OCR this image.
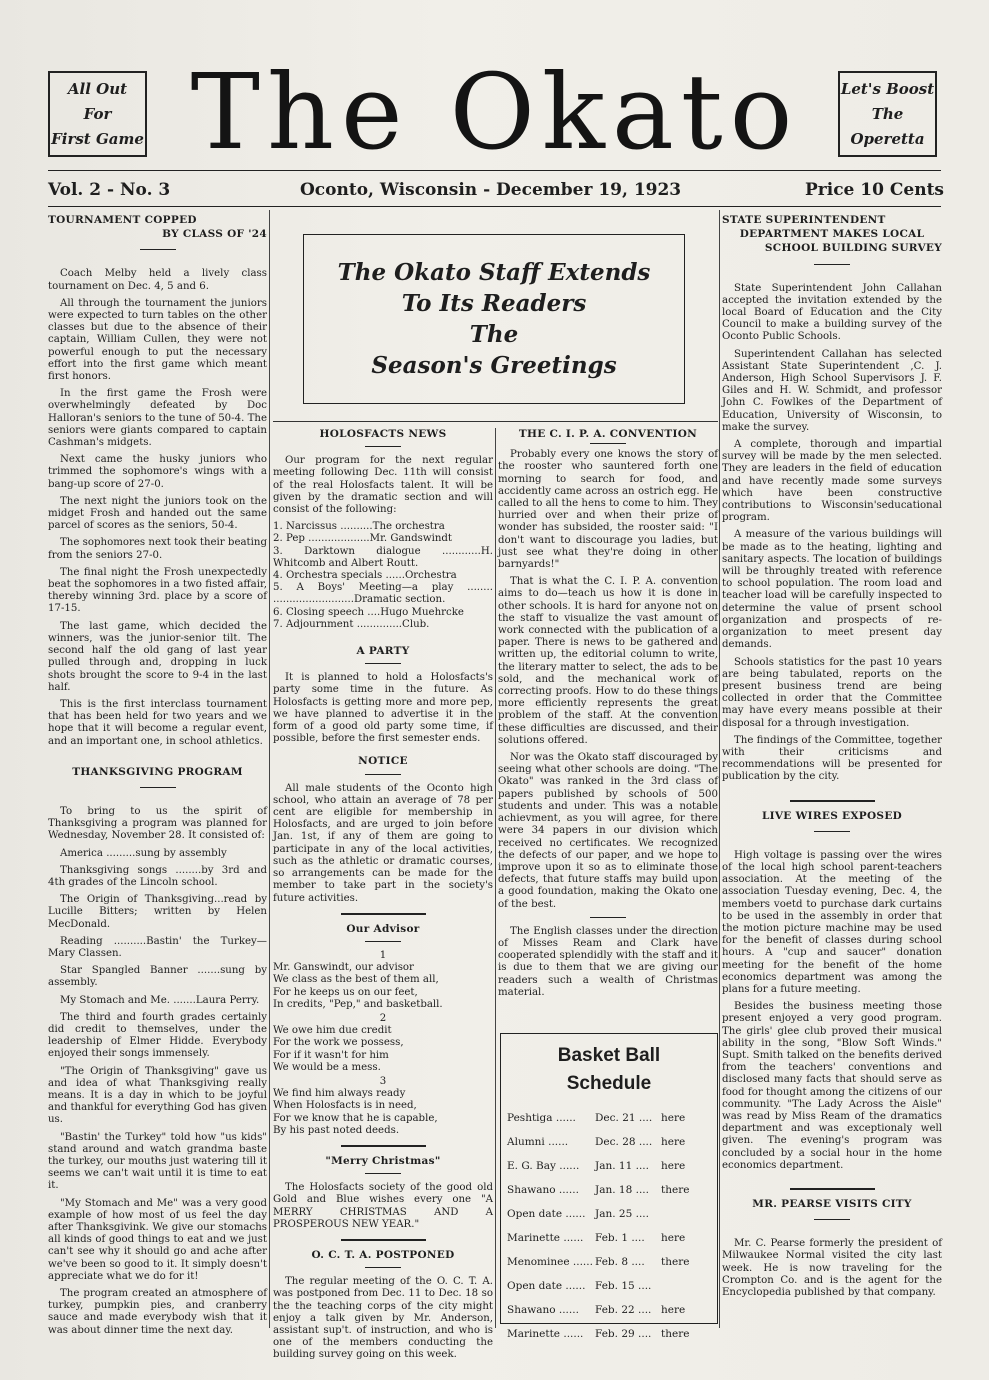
All Out
For
First Game The Okato	Let's Boost
The
Operetta
Vol. 2 - No. 3	Oconto, Wisconsin - December 19, 1923	Price 10 Cents
The Okato Staff Extends
To Its Readers
The
Season's Greetings
TOURNAMENT COPPED
BY CLASS OF '24

Coach Melby held a lively class tournament on Dec. 4, 5 and 6.

All through the tournament the juniors were expected to turn tables on the other classes but due to the absence of their captain, William Cullen, they were not powerful enough to put the necessary effort into the first game which meant first honors.

In the first game the Frosh were overwhelmingly defeated by Doc Halloran's seniors to the tune of 50-4. The seniors were giants compared to captain Cashman's midgets.

Next came the husky juniors who trimmed the sophomore's wings with a bang-up score of 27-0.

The next night the juniors took on the midget Frosh and handed out the same parcel of scores as the seniors, 50-4.

The sophomores next took their beating from the seniors 27-0.

The final night the Frosh unexpectedly beat the sophomores in a two fisted affair, thereby winning 3rd. place by a score of 17-15.

The last game, which decided the winners, was the junior-senior tilt. The second half the old gang of last year pulled through and, dropping in luck shots brought the score to 9-4 in the last half.

This is the first interclass tournament that has been held for two years and we hope that it will become a regular event, and an important one, in school athletics.

THANKSGIVING PROGRAM

To bring to us the spirit of Thanksgiving a program was planned for Wednesday, November 28. It consisted of:

America .........sung by assembly

Thanksgiving songs ........by 3rd and 4th grades of the Lincoln school.

The Origin of Thanksgiving...read by Lucille Bitters; written by Helen MecDonald.

Reading ..........Bastin' the Turkey—Mary Classen.

Star Spangled Banner .......sung by assembly.

My Stomach and Me. .......Laura Perry.

The third and fourth grades certainly did credit to themselves, under the leadership of Elmer Hidde. Everybody enjoyed their songs immensely.

"The Origin of Thanksgiving" gave us and idea of what Thanksgiving really means. It is a day in which to be joyful and thankful for everything God has given us.

"Bastin' the Turkey" told how "us kids" stand around and watch grandma baste the turkey, our mouths just watering till it seems we can't wait until it is time to eat it.

"My Stomach and Me" was a very good example of how most of us feel the day after Thanksgivink. We give our stomachs all kinds of good things to eat and we just can't see why it should go and ache after we've been so good to it. It simply doesn't appreciate what we do for it!

The program created an atmosphere of turkey, pumpkin pies, and cranberry sauce and made everybody wish that it was about dinner time the next day.

HOLOSFACTS NEWS

Our program for the next regular meeting following Dec. 11th will consist of the real Holosfacts talent. It will be given by the dramatic section and will consist of the following:

1. Narcissus ..........The orchestra

2. Pep ...................Mr. Gandswindt

3. Darktown dialogue ............H. Whitcomb and Albert Routt.

4. Orchestra specials ......Orchestra

5. A Boys' Meeting—a play ........ .........................Dramatic section.

6. Closing speech ....Hugo Muehrcke

7. Adjournment ..............Club.

A PARTY

It is planned to hold a Holosfacts's party some time in the future. As Holosfacts is getting more and more pep, we have planned to advertise it in the form of a good old party some time, if possible, before the first semester ends.

NOTICE

All male students of the Oconto high school, who attain an average of 78 per cent are eligible for membership in Holosfacts, and are urged to join before Jan. 1st, if any of them are going to participate in any of the local activities, such as the athletic or dramatic courses, so arrangements can be made for the member to take part in the society's future activities.

Our Advisor

1

Mr. Ganswindt, our advisor
We class as the best of them all,
For he keeps us on our feet,
In credits, "Pep," and basketball.

2

We owe him due credit
For the work we possess,
For if it wasn't for him
We would be a mess.

3

We find him always ready
When Holosfacts is in need,
For we know that he is capable,
By his past noted deeds.
"Merry Christmas"

The Holosfacts society of the good old Gold and Blue wishes every one "A MERRY CHRISTMAS AND A PROSPEROUS NEW YEAR."

O. C. T. A. POSTPONED

The regular meeting of the O. C. T. A. was postponed from Dec. 11 to Dec. 18 so the the teaching corps of the city might enjoy a talk given by Mr. Anderson, assistant sup't. of instruction, and who is one of the members conducting the building survey going on this week.

THE C. I. P. A. CONVENTION

Probably every one knows the story of the rooster who sauntered forth one morning to search for food, and accidently came across an ostrich egg. He called to all the hens to come to him. They hurried over and when their prize of wonder has subsided, the rooster said: "I don't want to discourage you ladies, but just see what they're doing in other barnyards!"

That is what the C. I. P. A. convention aims to do—teach us how it is done in other schools. It is hard for anyone not on the staff to visualize the vast amount of work connected with the publication of a paper. There is news to be gathered and written up, the editorial column to write, the literary matter to select, the ads to be sold, and the mechanical work of correcting proofs. How to do these things more efficiently represents the great problem of the staff. At the convention these difficulties are discussed, and their solutions offered.

Nor was the Okato staff discouraged by seeing what other schools are doing. "The Okato" was ranked in the 3rd class of papers published by schools of 500 students and under. This was a notable achievment, as you will agree, for there were 34 papers in our division which received no certificates. We recognized the defects of our paper, and we hope to improve upon it so as to eliminate those defects, that future staffs may build upon a good foundation, making the Okato one of the best.

The English classes under the direction of Misses Ream and Clark have cooperated splendidly with the staff and it is due to them that we are giving our readers such a wealth of Christmas material.

Basket Ball
Schedule
Peshtiga ......	Dec. 21 .... here
Alumni ......	Dec. 28 .... here
E. G. Bay ......	Jan. 11 ....	here
Shawano ......	Jan. 18 ....	there
Open date ...... Jan. 25 ....
Marinette ......	Feb. 1 ....	here
Menominee ...... Feb. 8 ....	there
Open date ...... Feb. 15 ....
Shawano ......	Feb. 22 .... here
Marinette ......	Feb. 29 .... there
STATE SUPERINTENDENT
DEPARTMENT MAKES LOCAL
SCHOOL BUILDING SURVEY

State Superintendent John Callahan accepted the invitation extended by the local Board of Education and the City Council to make a building survey of the Oconto Public Schools.

Superintendent Callahan has selected Assistant State Superintendent ,C. J. Anderson, High School Supervisors J. F. Giles and H. W. Schmidt, and professor John C. Fowlkes of the Department of Education, University of Wisconsin, to make the survey.

A complete, thorough and impartial survey will be made by the men selected. They are leaders in the field of education and have recently made some surveys which have been constructive contributions to Wisconsin'seducational program.

A measure of the various buildings will be made as to the heating, lighting and sanitary aspects. The location of buildings will be throughly treated with reference to school population. The room load and teacher load will be carefully inspected to determine the value of prsent school organization and prospects of re-organization to meet present day demands.

Schools statistics for the past 10 years are being tabulated, reports on the present business trend are being collected in order that the Committee may have every means possible at their disposal for a through investigation.

The findings of the Committee, together with their criticisms and recommendations will be presented for publication by the city.

LIVE WIRES EXPOSED

High voltage is passing over the wires of the local high school parent-teachers association. At the meeting of the association Tuesday evening, Dec. 4, the members voetd to purchase dark curtains to be used in the assembly in order that the motion picture machine may be used for the benefit of classes during school hours. A "cup and saucer" donation meeting for the benefit of the home economics department was among the plans for a future meeting.

Besides the business meeting those present enjoyed a very good program. The girls' glee club proved their musical ability in the song, "Blow Soft Winds." Supt. Smith talked on the benefits derived from the teachers' conventions and disclosed many facts that should serve as food for thought among the citizens of our community. "The Lady Across the Aisle" was read by Miss Ream of the dramatics department and was exceptionaly well given. The evening's program was concluded by a social hour in the home economics department.

MR. PEARSE VISITS CITY

Mr. C. Pearse formerly the president of Milwaukee Normal visited the city last week. He is now traveling for the Crompton Co. and is the agent for the Encyclopedia published by that company.
